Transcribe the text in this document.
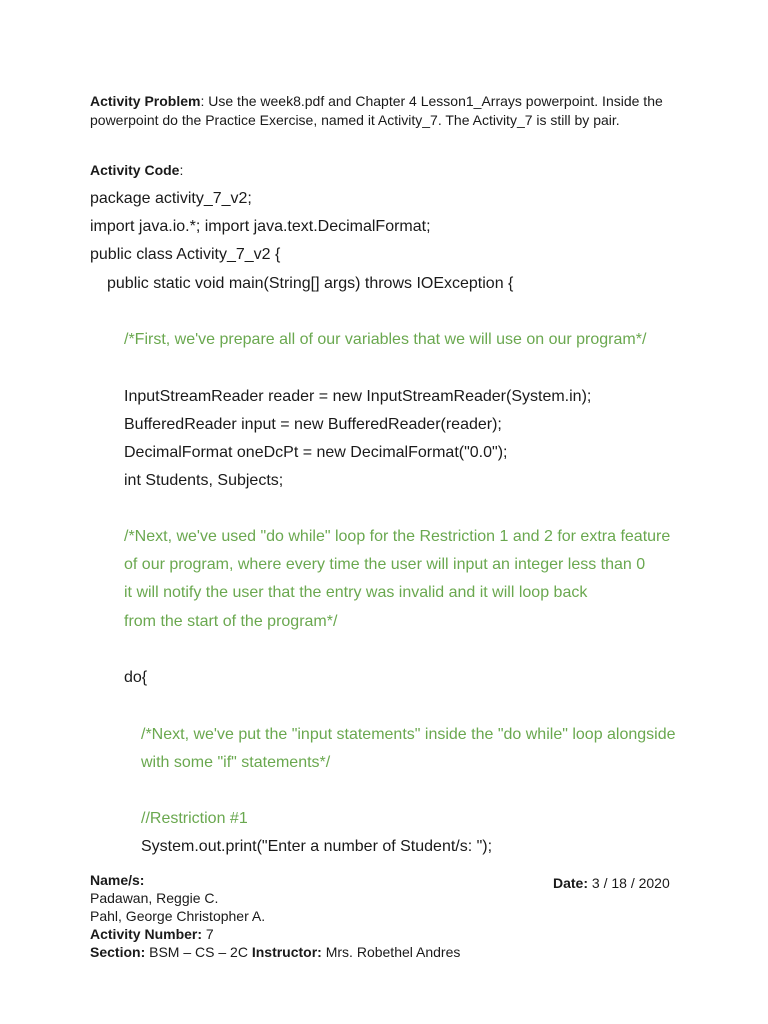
Activity Problem: Use the week8.pdf and Chapter 4 Lesson1_Arrays powerpoint. Inside the powerpoint do the Practice Exercise, named it Activity_7. The Activity_7 is still by pair.
Activity Code:
package activity_7_v2;
import java.io.*; import java.text.DecimalFormat;
public class Activity_7_v2 {
public static void main(String[] args) throws IOException {
/*First, we've prepare all of our variables that we will use on our program*/
InputStreamReader reader = new InputStreamReader(System.in);
BufferedReader input = new BufferedReader(reader);
DecimalFormat oneDcPt = new DecimalFormat("0.0");
int Students, Subjects;
/*Next, we've used "do while" loop for the Restriction 1 and 2 for extra feature
of our program, where every time the user will input an integer less than 0
it will notify the user that the entry was invalid and it will loop back
from the start of the program*/
do{
/*Next, we've put the "input statements" inside the "do while" loop alongside
with some "if" statements*/
//Restriction #1
System.out.print("Enter a number of Student/s: ");
Name/s:
Padawan, Reggie C.
Pahl, George Christopher A.
Activity Number: 7
Section: BSM – CS – 2C Instructor: Mrs. Robethel Andres
Date: 3 / 18 / 2020
